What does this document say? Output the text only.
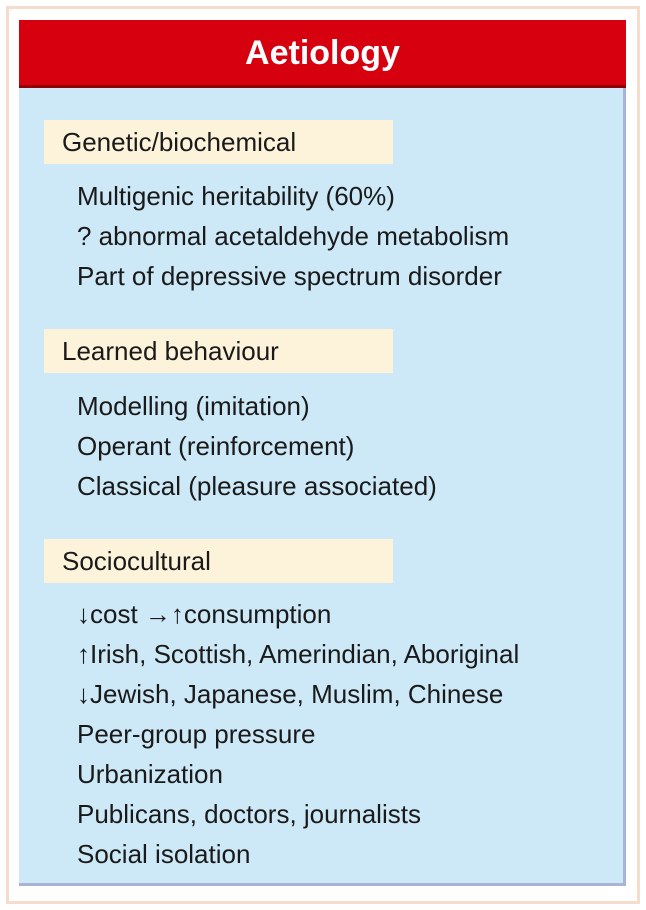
Aetiology
Genetic/biochemical
Multigenic heritability (60%)
? abnormal acetaldehyde metabolism
Part of depressive spectrum disorder
Learned behaviour
Modelling (imitation)
Operant (reinforcement)
Classical (pleasure associated)
Sociocultural
↓cost →↑consumption
↑Irish, Scottish, Amerindian, Aboriginal
↓Jewish, Japanese, Muslim, Chinese
Peer-group pressure
Urbanization
Publicans, doctors, journalists
Social isolation
